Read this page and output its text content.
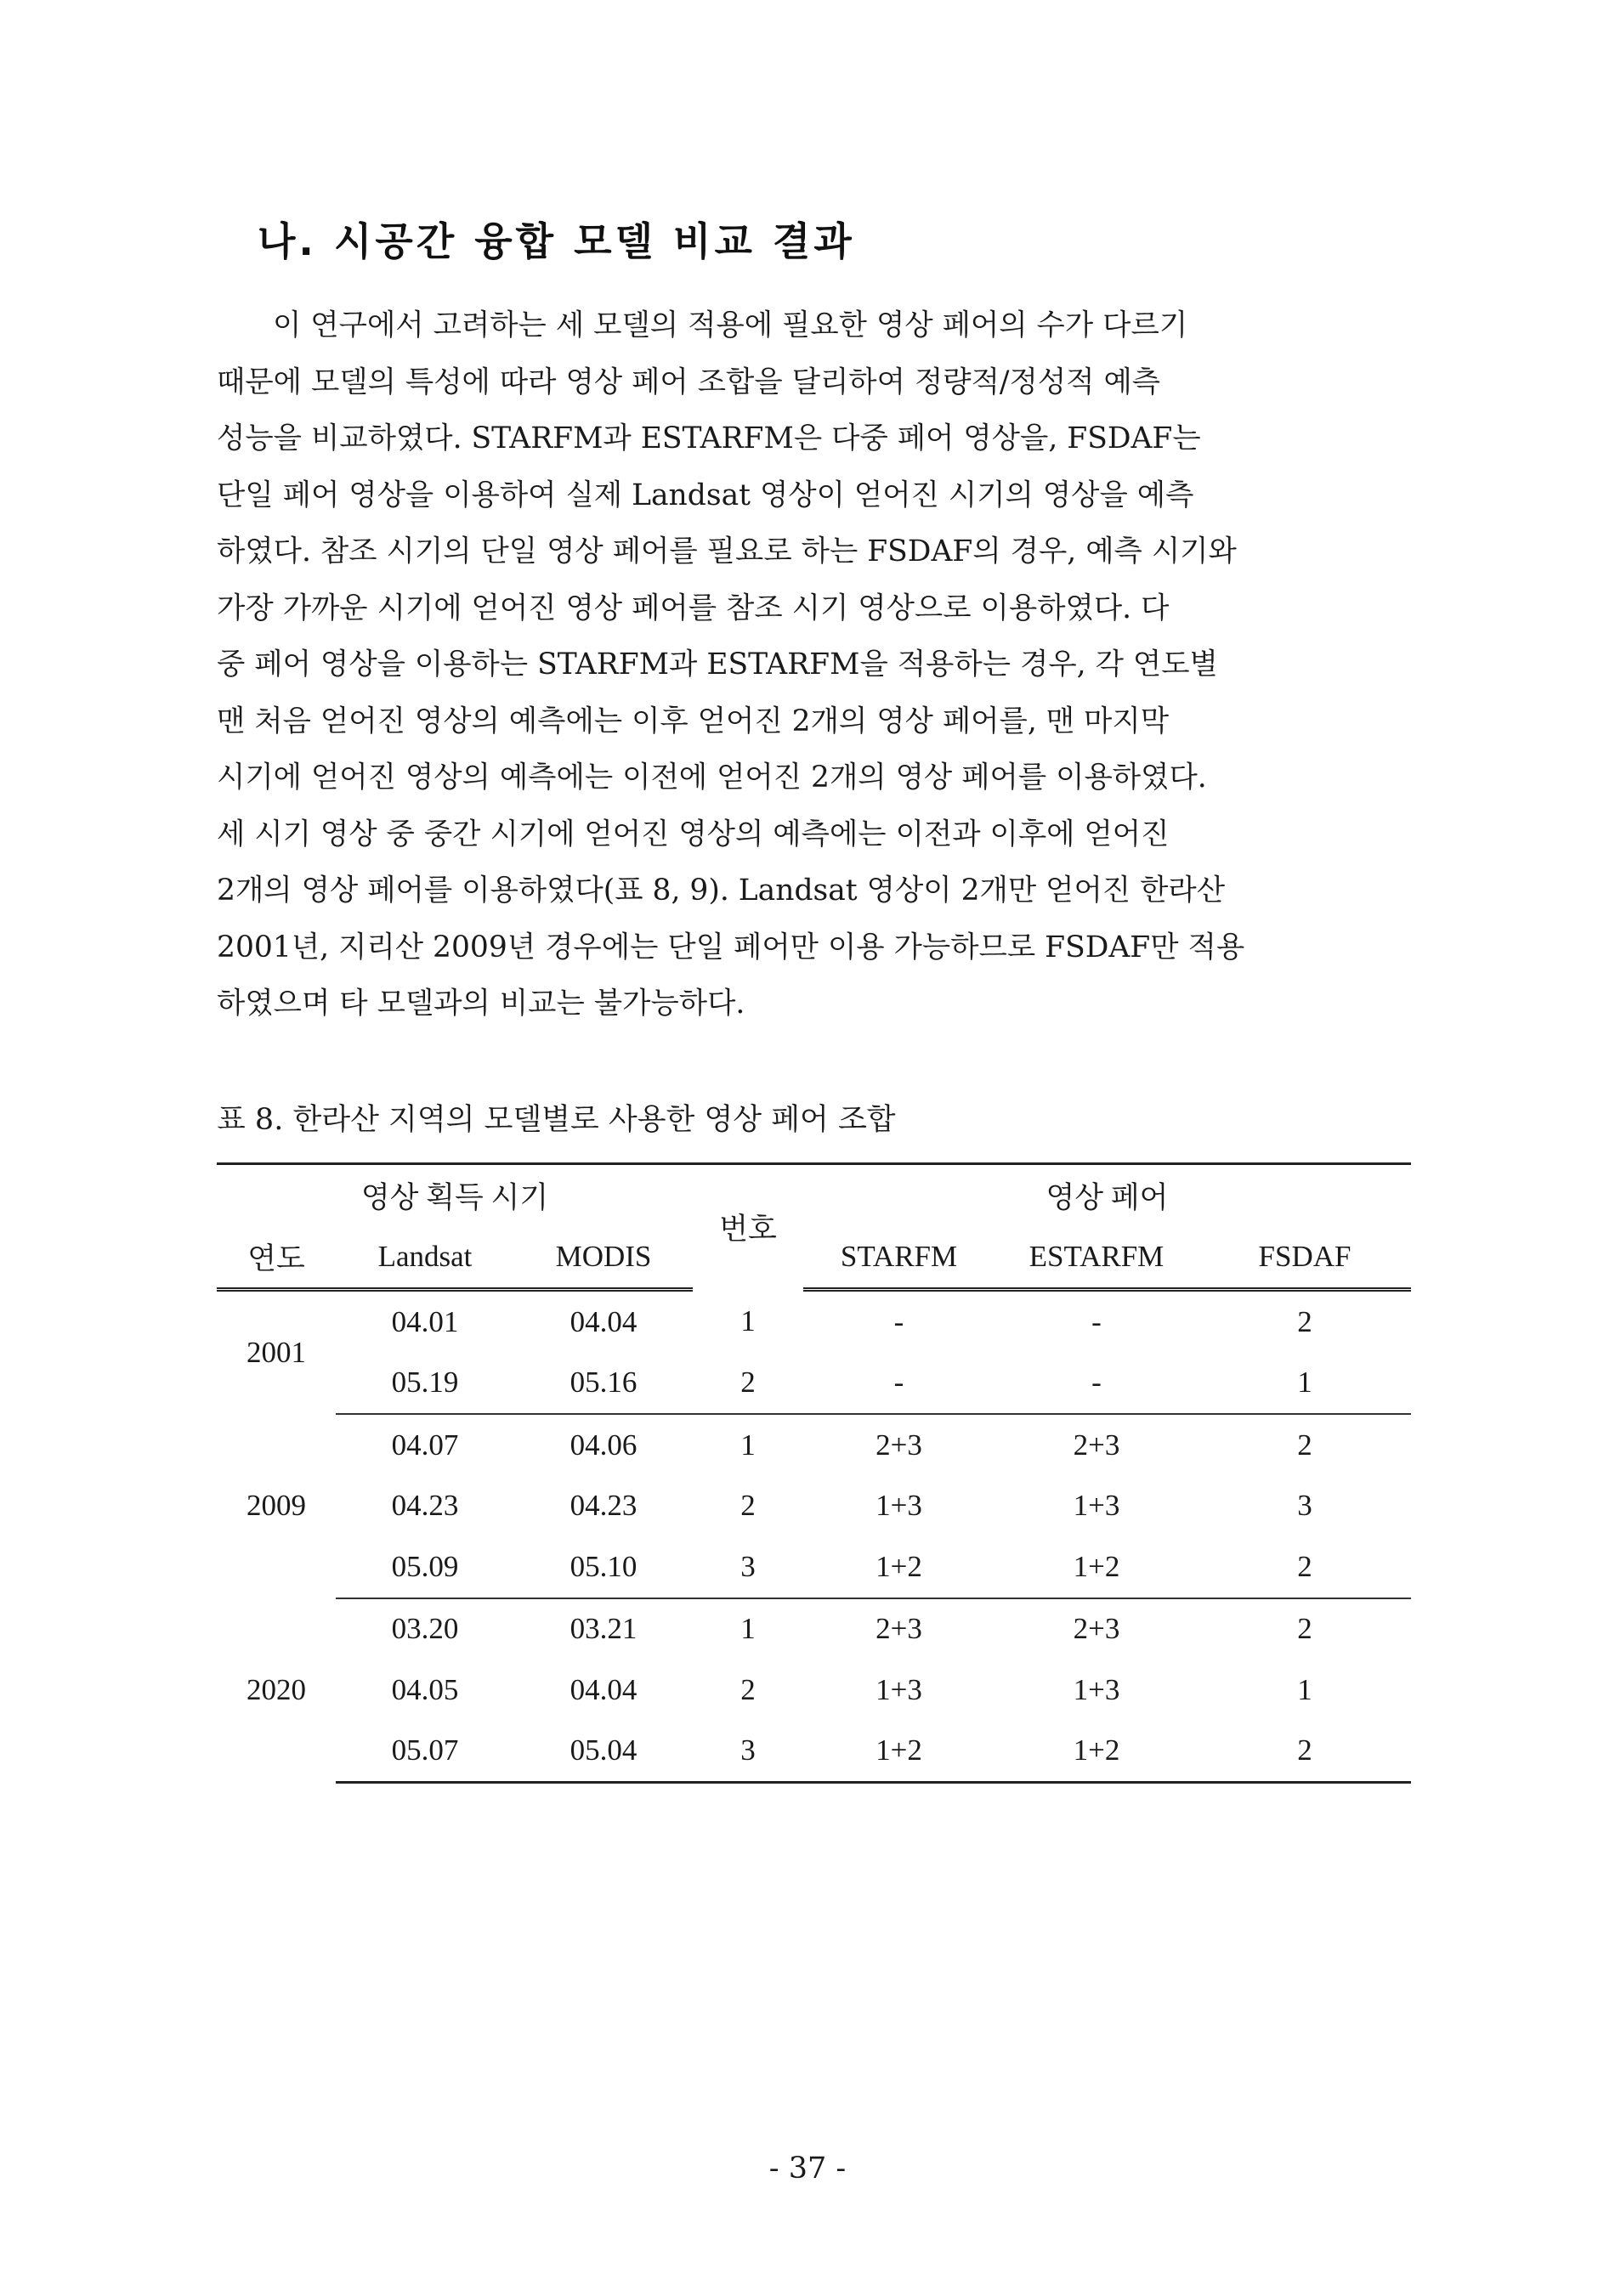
나. 시공간 융합 모델 비교 결과

이 연구에서 고려하는 세 모델의 적용에 필요한 영상 페어의 수가 다르기
때문에 모델의 특성에 따라 영상 페어 조합을 달리하여 정량적/정성적 예측
성능을 비교하였다. STARFM과 ESTARFM은 다중 페어 영상을, FSDAF는
단일 페어 영상을 이용하여 실제 Landsat 영상이 얻어진 시기의 영상을 예측
하였다. 참조 시기의 단일 영상 페어를 필요로 하는 FSDAF의 경우, 예측 시기와
가장 가까운 시기에 얻어진 영상 페어를 참조 시기 영상으로 이용하였다. 다
중 페어 영상을 이용하는 STARFM과 ESTARFM을 적용하는 경우, 각 연도별
맨 처음 얻어진 영상의 예측에는 이후 얻어진 2개의 영상 페어를, 맨 마지막
시기에 얻어진 영상의 예측에는 이전에 얻어진 2개의 영상 페어를 이용하였다.
세 시기 영상 중 중간 시기에 얻어진 영상의 예측에는 이전과 이후에 얻어진
2개의 영상 페어를 이용하였다(표 8, 9). Landsat 영상이 2개만 얻어진 한라산
2001년, 지리산 2009년 경우에는 단일 페어만 이용 가능하므로 FSDAF만 적용
하였으며 타 모델과의 비교는 불가능하다.

표 8. 한라산 지역의 모델별로 사용한 영상 페어 조합
영상 획득 시기			번호	영상 페어		
연도	Landsat	MODIS		STARFM	ESTARFM	FSDAF
2001	04.01	04.04	1	-	-	2
	05.19	05.16	2	-	-	1
2009	04.07	04.06	1	2+3	2+3	2
	04.23	04.23	2	1+3	1+3	3
	05.09	05.10	3	1+2	1+2	2
2020	03.20	03.21	1	2+3	2+3	2
	04.05	04.04	2	1+3	1+3	1
	05.07	05.04	3	1+2	1+2	2
- 37 -
